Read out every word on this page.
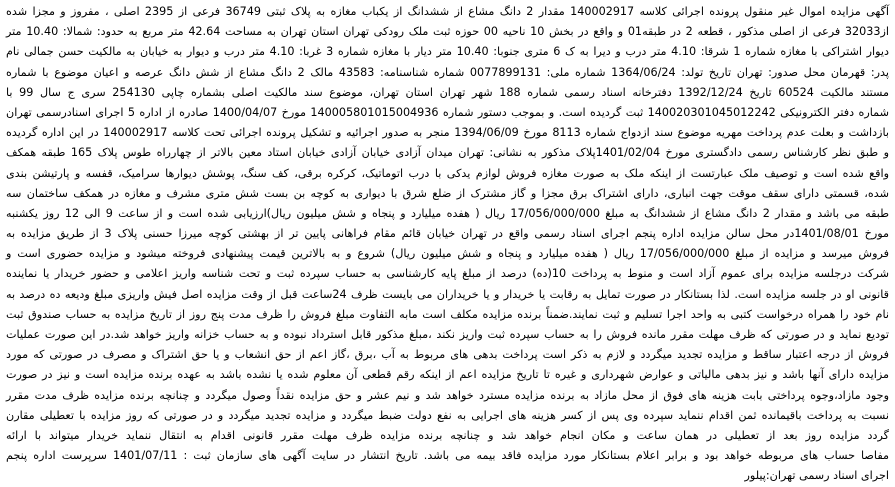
آگهی مزایده اموال غیر منقول پرونده اجرائی کلاسه 140002917 مقدار 2 دانگ مشاع از ششدانگ از یکباب مغازه به پلاک ثبتی 36749 فرعی از 2395 اصلی ، مفروز و مجزا شده
از32033 فرعی از اصلی مذکور ، قطعه 2 در طبقه01 و واقع در بخش 10 ناحیه 00 حوزه ثبت ملک رودکی تهران استان تهران به مساحت 42.64 متر مربع به حدود: شمالا: 10.40 متر
دیوار اشتراکی با مغازه شماره 1 شرقا: 4.10 متر درب و دیرا به ک 6 متری جنوبا: 10.40 متر دیار با مغازه شماره 3 غربا: 4.10 متر درب و دیوار به خیابان به مالکیت حسن جمالی نام
پدر: قهرمان محل صدور: تهران تاریخ تولد: 1364/06/24 شماره ملی: 0077899131 شماره شناسنامه: 43583 مالک 2 دانگ مشاع از شش دانگ عرصه و اعیان موضوع با شماره
مستند مالکیت 60524 تاریخ 1392/12/24 دفترخانه اسناد رسمی شماره 188 شهر تهران استان تهران، موضوع سند مالکیت اصلی بشماره چاپی 254130 سری ج سال 99 با
شماره دفتر الکترونیکی 140020301045012242 ثبت گردیده است. و بموجب دستور شماره 140005801015004936 مورخ 1400/04/07 صادره از اداره 5 اجرای اسنادرسمی تهران
بازداشت و بعلت عدم پرداخت مهریه موضوع سند ازدواج شماره 8113 مورخ 1394/06/09 منجر به صدور اجرائیه و تشکیل پرونده اجرائی تحت کلاسه 140002917 در این اداره گردیده
و طبق نظر کارشناس رسمی دادگستری مورخ 1401/02/04پلاک مذکور به نشانی: تهران میدان آزادی خیابان آزادی خیابان استاد معین بالاتر از چهارراه طوس پلاک 165 طبقه همکف
واقع شده است و توصیف ملک عبارتست از اینکه ملک به صورت مغازه فروش لوازم یدکی با درب اتوماتیک، کرکره برقی، کف سنگ، پوشش دیوارها سرامیک، قفسه و پارتیشن بندی
شده، قسمتی دارای سقف موقت جهت انباری، دارای اشتراک برق مجزا و گاز مشترک از ضلع شرق با دیواری به کوچه بن بست شش متری مشرف و مغازه در همکف ساختمان سه
طبقه می باشد و مقدار 2 دانگ مشاع از ششدانگ به مبلغ 17/056/000/000 ریال ( هفده میلیارد و پنجاه و شش میلیون ریال)ارزیابی شده است و از ساعت 9 الی 12 روز یکشنبه
مورخ 1401/08/01در محل سالن مزایده اداره پنجم اجرای اسناد رسمی واقع در تهران خیابان قائم مقام فراهانی پایین تر از بهشتی کوچه میرزا حسنی پلاک 3 از طریق مزایده به
فروش میرسد و مزایده از مبلغ 17/056/000/000 ریال ( هفده میلیارد و پنجاه و شش میلیون ریال) شروع و به بالاترین قیمت پیشنهادی فروخته میشود و مزایده حضوری است و
شرکت درجلسه مزایده برای عموم آزاد است و منوط به پرداخت 10(ده) درصد از مبلغ پایه کارشناسی به حساب سپرده ثبت و تحت شناسه واریز اعلامی و حضور خریدار یا نماینده
قانونی او در جلسه مزایده است. لذا بستانکار در صورت تمایل به رقابت یا خریدار و یا خریداران می بایست ظرف 24ساعت قبل از وقت مزایده اصل فیش واریزی مبلغ ودیعه ده درصد به
نام خود را همراه درخواست کتبی به واحد اجرا تسلیم و ثبت نمایند.ضمناً برنده مزایده مکلف است مابه التفاوت مبلغ فروش را ظرف مدت پنج روز از تاریخ مزایده به حساب صندوق ثبت
تودیع نماید و در صورتی که ظرف مهلت مقرر مانده فروش را به حساب سپرده ثبت واریز نکند ،مبلغ مذکور قابل استرداد نبوده و به حساب خزانه واریز خواهد شد.در این صورت عملیات
فروش از درجه اعتبار ساقط و مزایده تجدید میگردد و لازم به ذکر است پرداخت بدهی های مربوط به آب ،برق ،گاز اعم از حق انشعاب و یا حق اشتراک و مصرف در صورتی که مورد
مزایده دارای آنها باشد و نیز بدهی مالیاتی و عوارض شهرداری و غیره تا تاریخ مزایده اعم از اینکه رقم قطعی آن معلوم شده یا نشده باشد به عهده برنده مزایده است و نیز در صورت
وجود مازاد،وجوه پرداختی بابت هزینه های فوق از محل مازاد به برنده مزایده مسترد خواهد شد و نیم عشر و حق مزایده نقداً وصول میگردد و چنانچه برنده مزایده ظرف مدت مقرر
نسبت به پرداخت باقیمانده ثمن اقدام ننماید سپرده وی پس از کسر هزینه های اجرایی به نفع دولت ضبط میگردد و مزایده تجدید میگردد و در صورتی که روز مزایده با تعطیلی مقارن
گردد مزایده روز بعد از تعطیلی در همان ساعت و مکان انجام خواهد شد و چنانچه برنده مزایده ظرف مهلت مقرر قانونی اقدام به انتقال ننماید خریدار میتواند با ارائه
مفاصا حساب های مربوطه خواهد بود و برابر اعلام بستانکار مورد مزایده فاقد بیمه می باشد. تاریخ انتشار در سایت آگهی های سازمان ثبت : 1401/07/11 سرپرست اداره پنجم
اجرای اسناد رسمی تهران:پیلور
